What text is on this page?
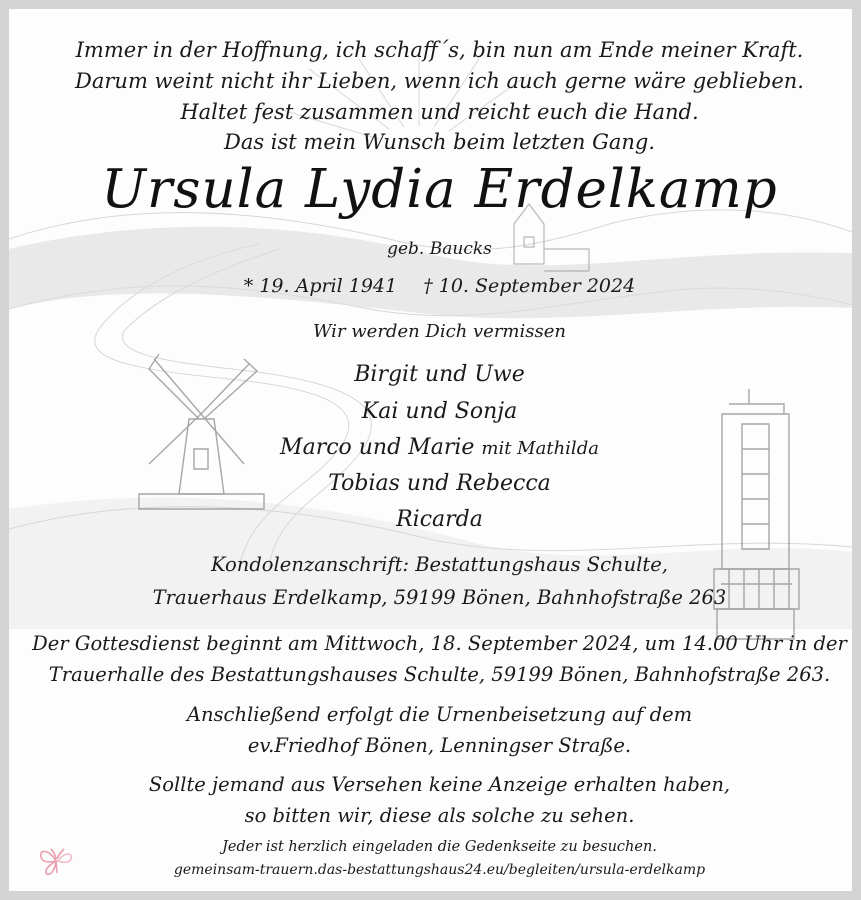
Immer in der Hoffnung, ich schaff´s, bin nun am Ende meiner Kraft.
Darum weint nicht ihr Lieben, wenn ich auch gerne wäre geblieben.
Haltet fest zusammen und reicht euch die Hand.
Das ist mein Wunsch beim letzten Gang.
Ursula Lydia Erdelkamp
geb. Baucks
* 19. April 1941 † 10. September 2024
Wir werden Dich vermissen
Birgit und Uwe
Kai und Sonja
Marco und Marie mit Mathilda
Tobias und Rebecca
Ricarda
Kondolenzanschrift: Bestattungshaus Schulte,
Trauerhaus Erdelkamp, 59199 Bönen, Bahnhofstraße 263
Der Gottesdienst beginnt am Mittwoch, 18. September 2024, um 14.00 Uhr in der
Trauerhalle des Bestattungshauses Schulte, 59199 Bönen, Bahnhofstraße 263.
Anschließend erfolgt die Urnenbeisetzung auf dem
ev.Friedhof Bönen, Lenningser Straße.
Sollte jemand aus Versehen keine Anzeige erhalten haben,
so bitten wir, diese als solche zu sehen.
Jeder ist herzlich eingeladen die Gedenkseite zu besuchen.
gemeinsam-trauern.das-bestattungshaus24.eu/begleiten/ursula-erdelkamp
